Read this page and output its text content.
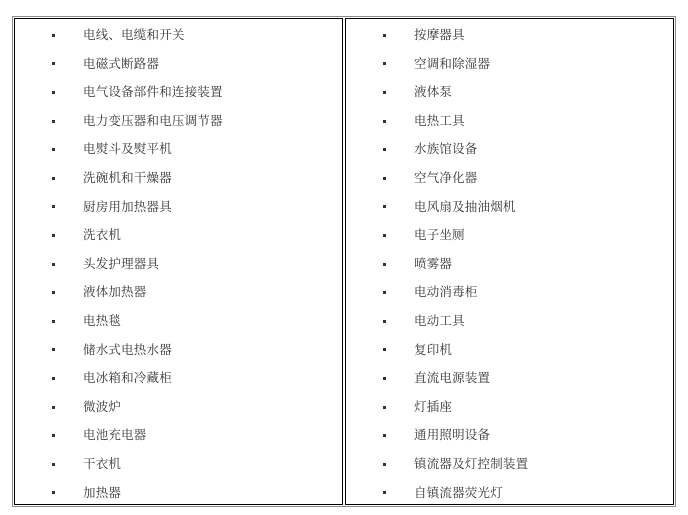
电线、电缆和开关
电磁式断路器
电气设备部件和连接装置
电力变压器和电压调节器
电熨斗及熨平机
洗碗机和干燥器
厨房用加热器具
洗衣机
头发护理器具
液体加热器
电热毯
储水式电热水器
电冰箱和冷藏柜
微波炉
电池充电器
干衣机
加热器
按摩器具
空调和除湿器
液体泵
电热工具
水族馆设备
空气净化器
电风扇及抽油烟机
电子坐厕
喷雾器
电动消毒柜
电动工具
复印机
直流电源装置
灯插座
通用照明设备
镇流器及灯控制装置
自镇流器荧光灯
